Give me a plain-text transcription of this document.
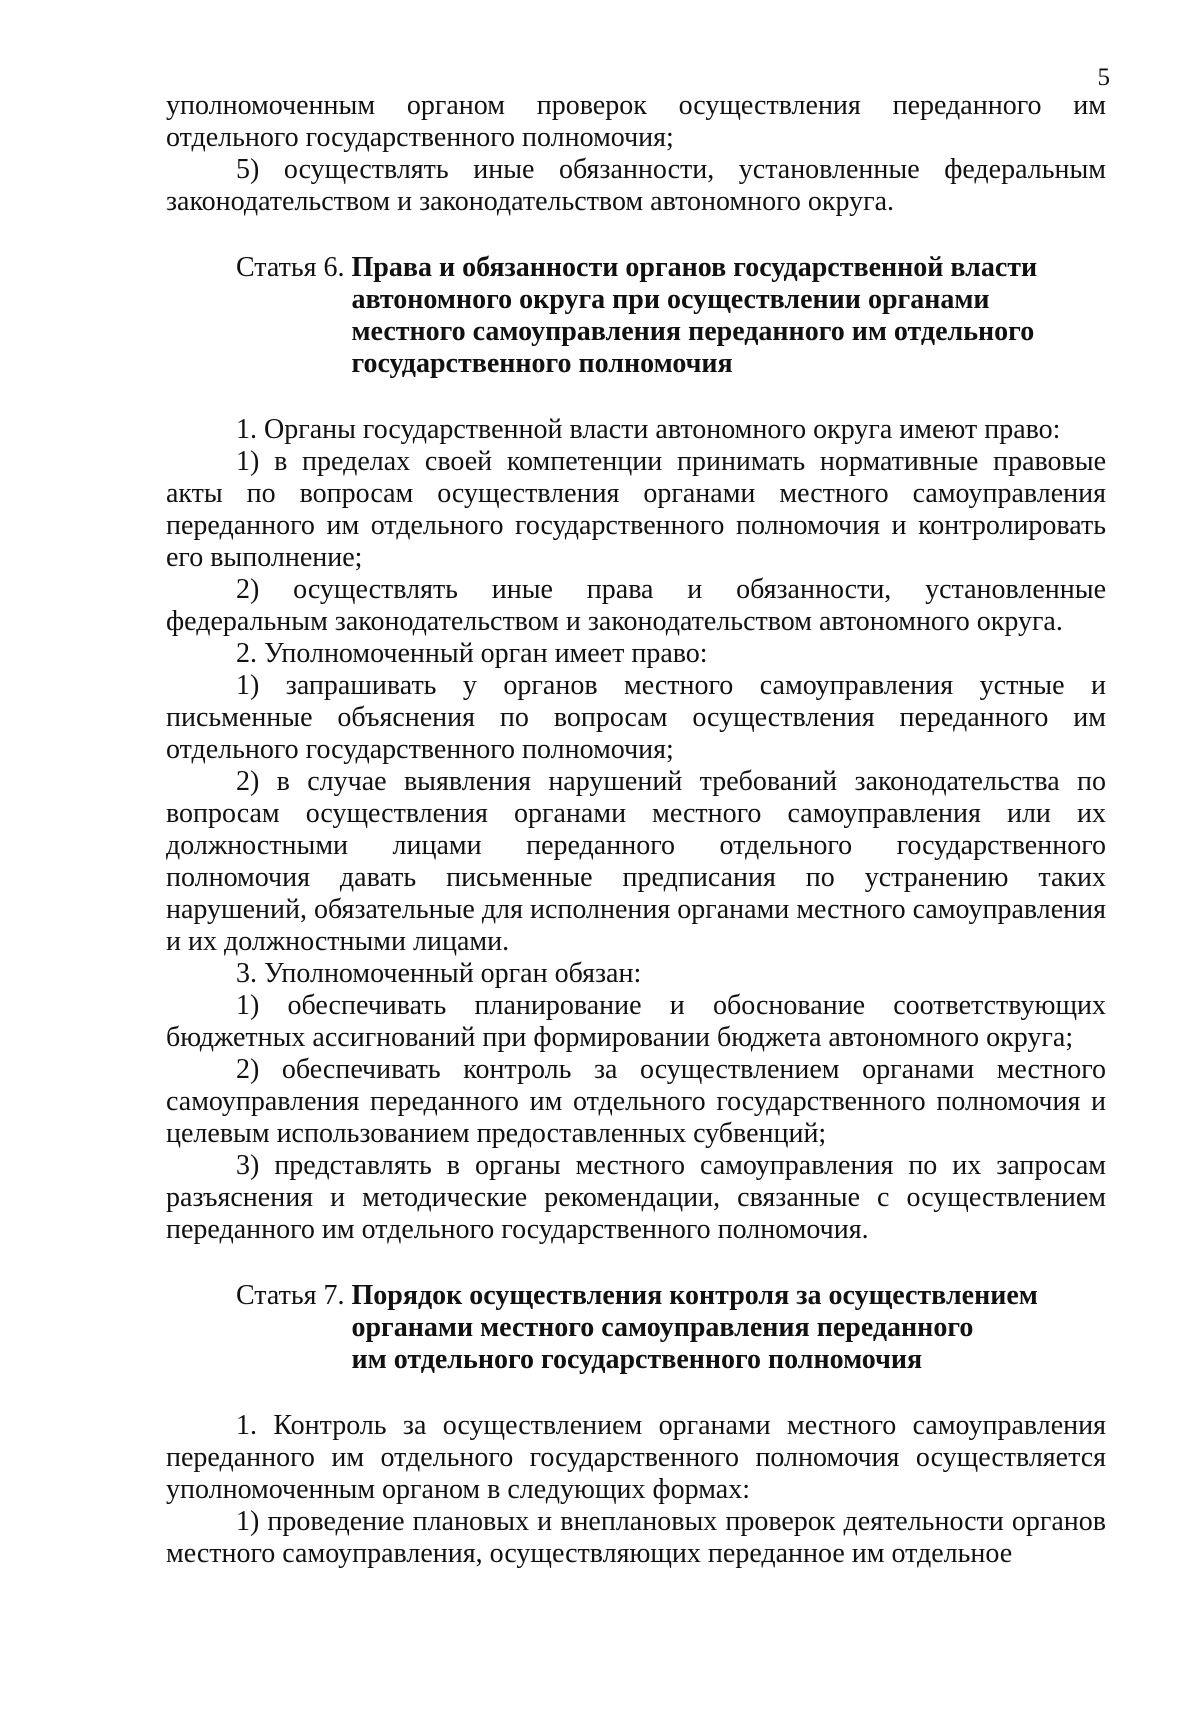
5

уполномоченным органом проверок осуществления переданного им отдельного государственного полномочия;

5) осуществлять иные обязанности, установленные федеральным законодательством и законодательством автономного округа.

Статья 6. Права и обязанности органов государственной власти
автономного округа при осуществлении органами
местного самоуправления переданного им отдельного
государственного полномочия

1. Органы государственной власти автономного округа имеют право:

1) в пределах своей компетенции принимать нормативные правовые акты по вопросам осуществления органами местного самоуправления переданного им отдельного государственного полномочия и контролировать его выполнение;

2) осуществлять иные права и обязанности, установленные федеральным законодательством и законодательством автономного округа.

2. Уполномоченный орган имеет право:

1) запрашивать у органов местного самоуправления устные и письменные объяснения по вопросам осуществления переданного им отдельного государственного полномочия;

2) в случае выявления нарушений требований законодательства по вопросам осуществления органами местного самоуправления или их должностными лицами переданного отдельного государственного полномочия давать письменные предписания по устранению таких нарушений, обязательные для исполнения органами местного самоуправления и их должностными лицами.

3. Уполномоченный орган обязан:

1) обеспечивать планирование и обоснование соответствующих бюджетных ассигнований при формировании бюджета автономного округа;

2) обеспечивать контроль за осуществлением органами местного самоуправления переданного им отдельного государственного полномочия и целевым использованием предоставленных субвенций;

3) представлять в органы местного самоуправления по их запросам разъяснения и методические рекомендации, связанные с осуществлением переданного им отдельного государственного полномочия.

Статья 7. Порядок осуществления контроля за осуществлением
органами местного самоуправления переданного
им отдельного государственного полномочия

1. Контроль за осуществлением органами местного самоуправления переданного им отдельного государственного полномочия осуществляется уполномоченным органом в следующих формах:

1) проведение плановых и внеплановых проверок деятельности органов местного самоуправления, осуществляющих переданное им отдельное
